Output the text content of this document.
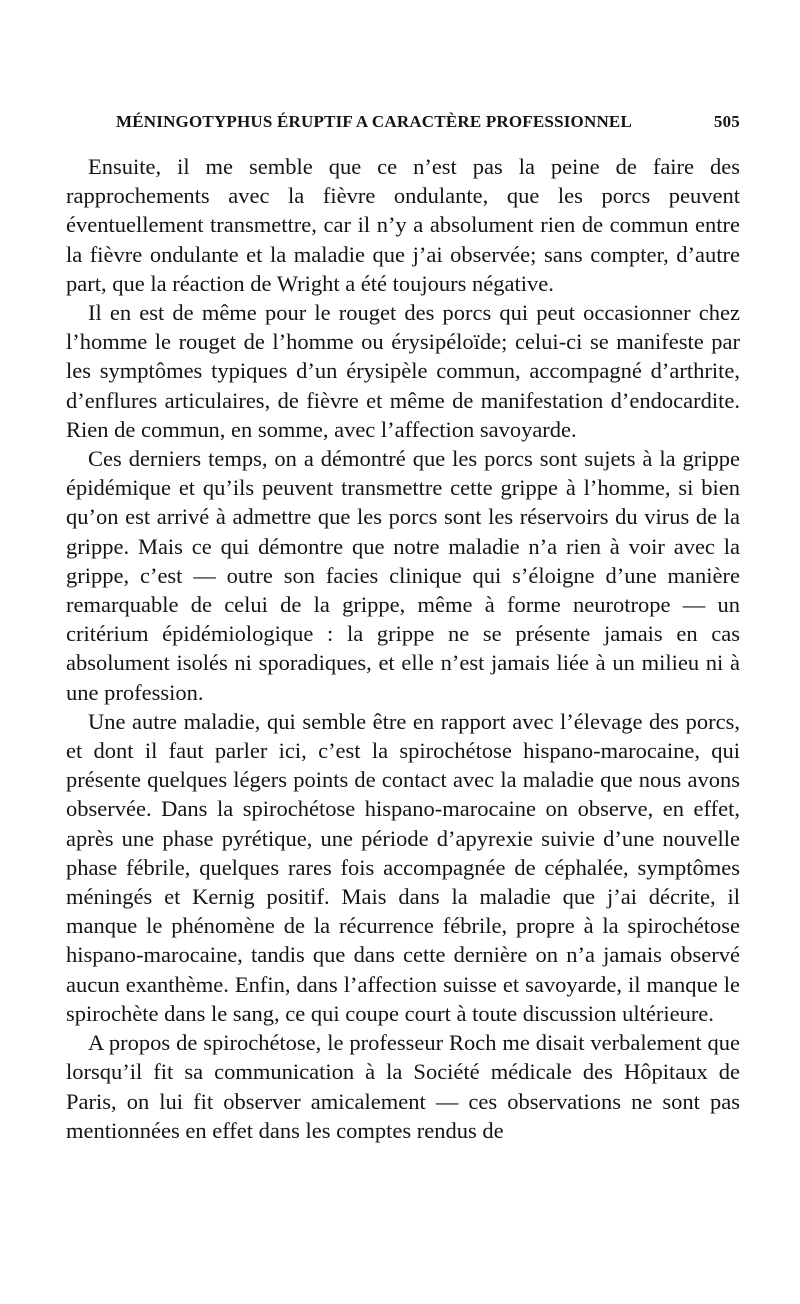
MÉNINGOTYPHUS ÉRUPTIF A CARACTÈRE PROFESSIONNEL	505

Ensuite, il me semble que ce n’est pas la peine de faire des rapprochements avec la fièvre ondulante, que les porcs peuvent éventuellement transmettre, car il n’y a absolument rien de commun entre la fièvre ondulante et la maladie que j’ai observée; sans compter, d’autre part, que la réaction de Wright a été toujours négative.

Il en est de même pour le rouget des porcs qui peut occasionner chez l’homme le rouget de l’homme ou érysipéloïde; celui-ci se manifeste par les symptômes typiques d’un érysipèle commun, accompagné d’arthrite, d’enflures articulaires, de fièvre et même de manifestation d’endocardite. Rien de commun, en somme, avec l’affection savoyarde.

Ces derniers temps, on a démontré que les porcs sont sujets à la grippe épidémique et qu’ils peuvent transmettre cette grippe à l’homme, si bien qu’on est arrivé à admettre que les porcs sont les réservoirs du virus de la grippe. Mais ce qui démontre que notre maladie n’a rien à voir avec la grippe, c’est — outre son facies clinique qui s’éloigne d’une manière remarquable de celui de la grippe, même à forme neurotrope — un critérium épidémiologique : la grippe ne se présente jamais en cas absolument isolés ni sporadiques, et elle n’est jamais liée à un milieu ni à une profession.

Une autre maladie, qui semble être en rapport avec l’élevage des porcs, et dont il faut parler ici, c’est la spirochétose hispano-marocaine, qui présente quelques légers points de contact avec la maladie que nous avons observée. Dans la spirochétose hispano-marocaine on observe, en effet, après une phase pyrétique, une période d’apyrexie suivie d’une nouvelle phase fébrile, quelques rares fois accompagnée de céphalée, symptômes méningés et Kernig positif. Mais dans la maladie que j’ai décrite, il manque le phénomène de la récurrence fébrile, propre à la spirochétose hispano-marocaine, tandis que dans cette dernière on n’a jamais observé aucun exanthème. Enfin, dans l’affection suisse et savoyarde, il manque le spirochète dans le sang, ce qui coupe court à toute discussion ultérieure.

A propos de spirochétose, le professeur Roch me disait verbalement que lorsqu’il fit sa communication à la Société médicale des Hôpitaux de Paris, on lui fit observer amicalement — ces observations ne sont pas mentionnées en effet dans les comptes rendus de
